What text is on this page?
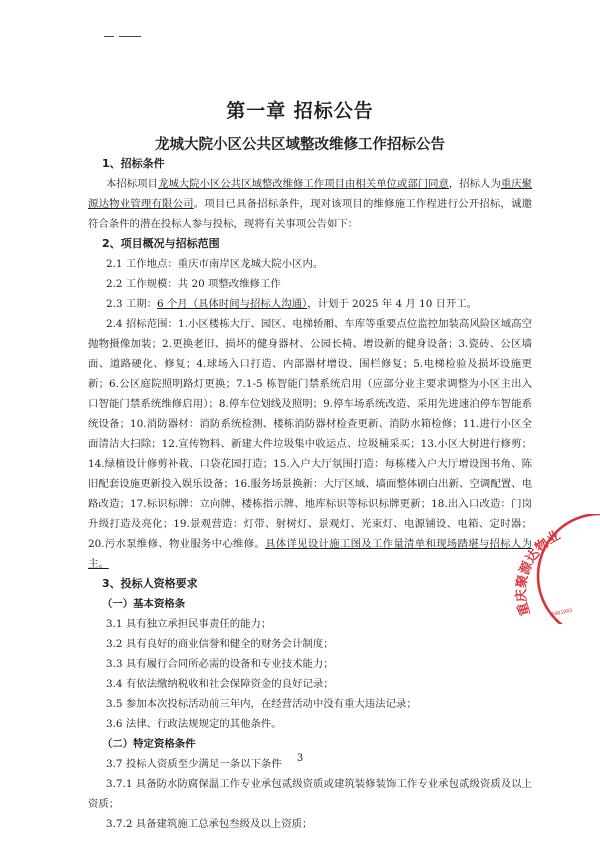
第一章 招标公告
龙城大院小区公共区域整改维修工作招标公告

1、招标条件

本招标项目龙城大院小区公共区域整改维修工作项目由相关单位或部门同意，招标人为重庆聚源达物业管理有限公司。项目已具备招标条件，现对该项目的维修施工作程进行公开招标，诚邀符合条件的潜在投标人参与投标，现将有关事项公告如下：

2、项目概况与招标范围

2.1 工作地点：重庆市南岸区龙城大院小区内。

2.2 工作规模：共 20 项整改维修工作

2.3 工期：6 个月（具体时间与招标人沟通），计划于 2025 年 4 月 10 日开工。

2.4 招标范围：1.小区楼栋大厅、园区、电梯轿厢、车库等重要点位监控加装高风险区域高空抛物摄像加装；2.更换老旧、损坏的健身器材、公园长椅、增设新的健身设备；3.瓷砖、公区墙面、道路硬化、修复；4.球场入口打造、内部器材增设、围栏修复；5.电梯检验及损坏设施更新；6.公区庭院照明路灯更换；7.1-5 栋智能门禁系统启用（应部分业主要求调整为小区主出入口智能门禁系统维修启用）；8.停车位划线及照明；9.停车场系统改造、采用先进速泊停车智能系统设备；10.消防器材：消防系统检测、楼栋消防器材检查更新、消防水箱检修；11.进行小区全面清洁大扫除；12.宣传物料、新建大件垃圾集中收运点、垃圾桶采买；13.小区大树进行修剪；14.绿植设计修剪补栽、口袋花园打造；15.入户大厅氛围打造：每栋楼入户大厅增设图书角、陈旧配套设施更新投入娱乐设备；16.服务场景换新：大厅区域、墙面整体刷白出新、空调配置、电路改造；17.标识标牌：立向牌、楼栋指示牌、地库标识等标识标牌更新；18.出入口改造：门岗升级打造及亮化；19.景观营造：灯带、射树灯、景观灯、光束灯、电源铺设、电箱、定时器；20.污水泵维修、物业服务中心维修。具体详见设计施工图及工作量清单和现场踏堪与招标人为主。

3、投标人资格要求

（一）基本资格条

3.1 具有独立承担民事责任的能力；

3.2 具有良好的商业信誉和健全的财务会计制度；

3.3 具有履行合同所必需的设备和专业技术能力；

3.4 有依法缴纳税收和社会保障资金的良好记录；

3.5 参加本次投标活动前三年内，在经营活动中没有重大违法记录；

3.6 法律、行政法规规定的其他条件。

（二）特定资格条件

3.7 投标人资质至少满足一条以下条件

3.7.1 具备防水防腐保温工作专业承包贰级资质或建筑装修装饰工作专业承包贰级资质及以上资质；

3.7.2 具备建筑施工总承包叁级及以上资质；

重庆聚源达物业
5001083
3
